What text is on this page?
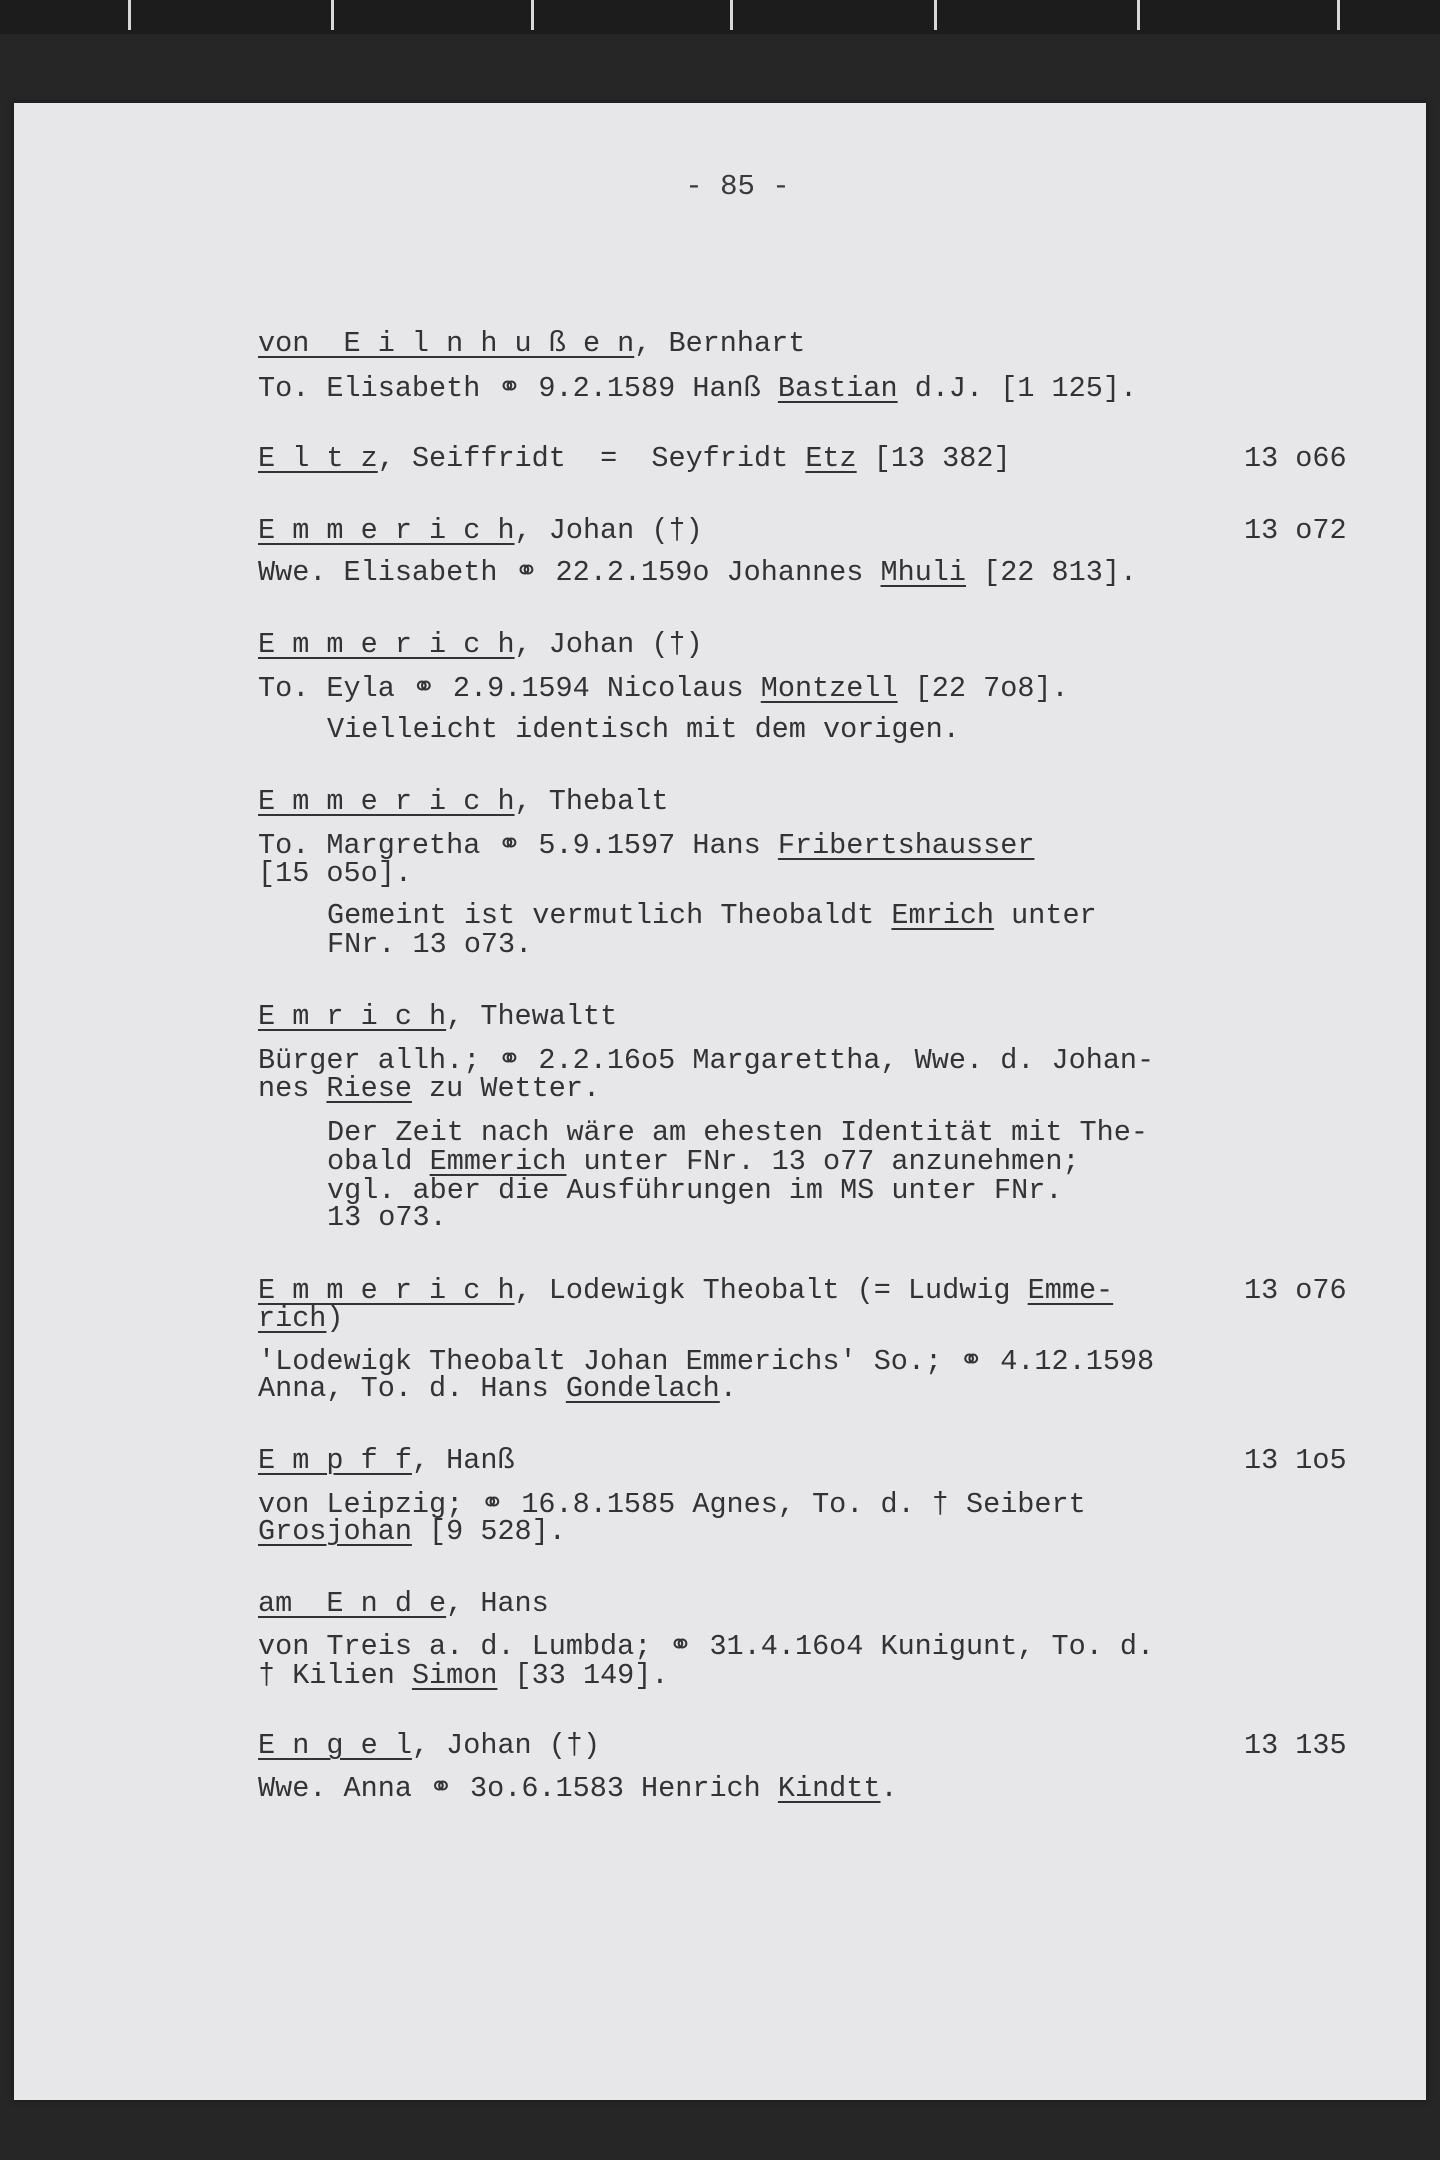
- 85 -
von  E i l n h u ß e n, Bernhart
To. Elisabeth ⚭ 9.2.1589 Hanß Bastian d.J. [1 125].
E l t z, Seiffridt  =  Seyfridt Etz [13 382]	13 o66
E m m e r i c h, Johan (†)
Wwe. Elisabeth ⚭ 22.2.159o Johannes Mhuli [22 813].
13 o72
E m m e r i c h, Johan (†)
To. Eyla ⚭ 2.9.1594 Nicolaus Montzell [22 7o8].
Vielleicht identisch mit dem vorigen.
E m m e r i c h, Thebalt
To. Margretha ⚭ 5.9.1597 Hans Fribertshausser
[15 o5o].
Gemeint ist vermutlich Theobaldt Emrich unter
FNr. 13 o73.
E m r i c h, Thewaltt
Bürger allh.; ⚭ 2.2.16o5 Margarettha, Wwe. d. Johan-
nes Riese zu Wetter.
Der Zeit nach wäre am ehesten Identität mit The-
obald Emmerich unter FNr. 13 o77 anzunehmen;
vgl. aber die Ausführungen im MS unter FNr.
13 o73.
E m m e r i c h, Lodewigk Theobalt (= Ludwig Emme-
rich)
'Lodewigk Theobalt Johan Emmerichs' So.; ⚭ 4.12.1598
Anna, To. d. Hans Gondelach.
13 o76
E m p f f, Hanß
von Leipzig; ⚭ 16.8.1585 Agnes, To. d. † Seibert
Grosjohan [9 528].
13 1o5
am  E n d e, Hans
von Treis a. d. Lumbda; ⚭ 31.4.16o4 Kunigunt, To. d.
† Kilien Simon [33 149].
E n g e l, Johan (†)
Wwe. Anna ⚭ 3o.6.1583 Henrich Kindtt.
13 135
